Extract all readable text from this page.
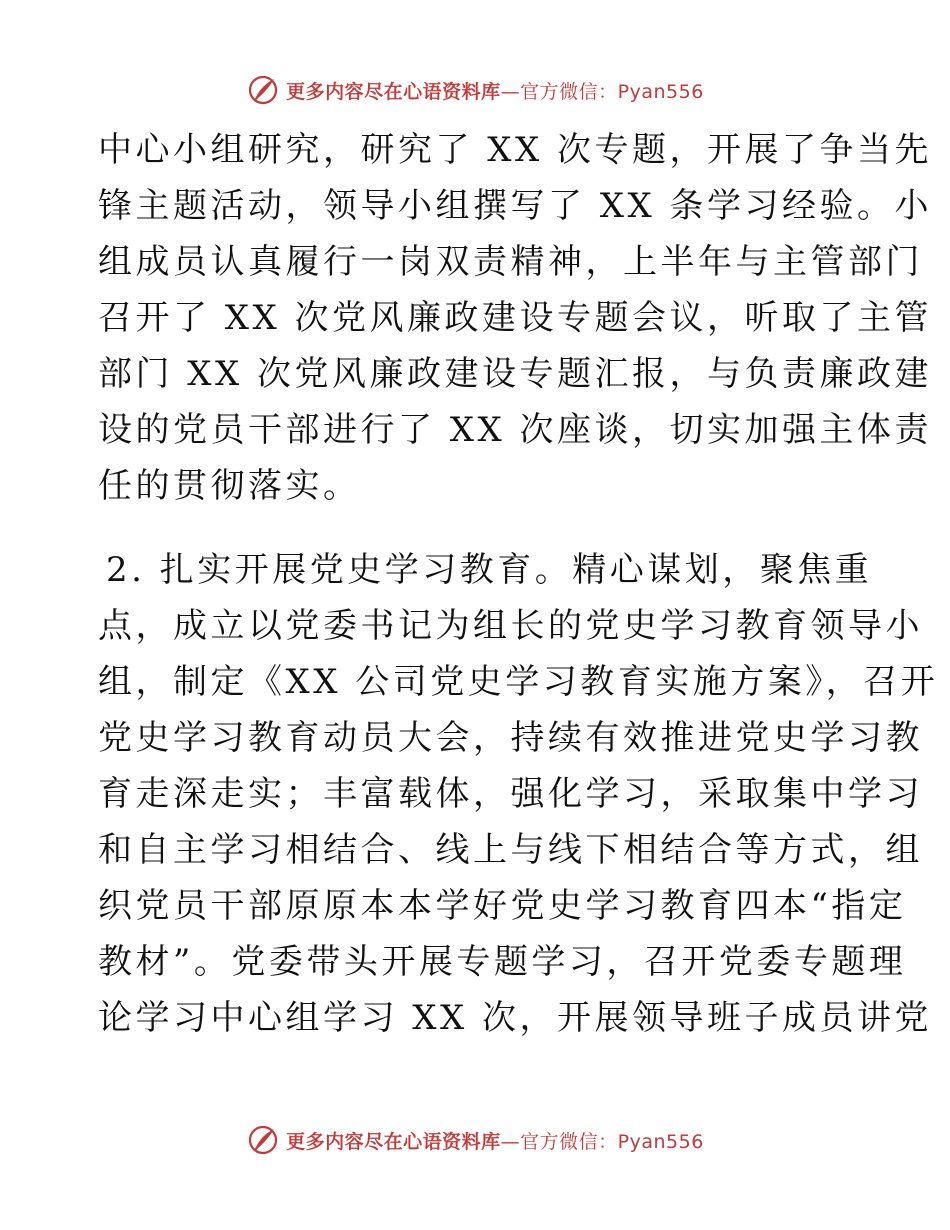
更多内容尽在心语资料库—官方微信：Pyan556
中心小组研究，研究了 XX 次专题，开展了争当先
锋主题活动，领导小组撰写了 XX 条学习经验。小
组成员认真履行一岗双责精神，上半年与主管部门
召开了 XX 次党风廉政建设专题会议，听取了主管
部门 XX 次党风廉政建设专题汇报，与负责廉政建
设的党员干部进行了 XX 次座谈，切实加强主体责
任的贯彻落实。
2. 扎实开展党史学习教育。精心谋划，聚焦重
点，成立以党委书记为组长的党史学习教育领导小
组，制定《XX 公司党史学习教育实施方案》，召开
党史学习教育动员大会，持续有效推进党史学习教
育走深走实；丰富载体，强化学习，采取集中学习
和自主学习相结合、线上与线下相结合等方式，组
织党员干部原原本本学好党史学习教育四本“指定
教材”。党委带头开展专题学习，召开党委专题理
论学习中心组学习 XX 次，开展领导班子成员讲党
更多内容尽在心语资料库—官方微信：Pyan556
